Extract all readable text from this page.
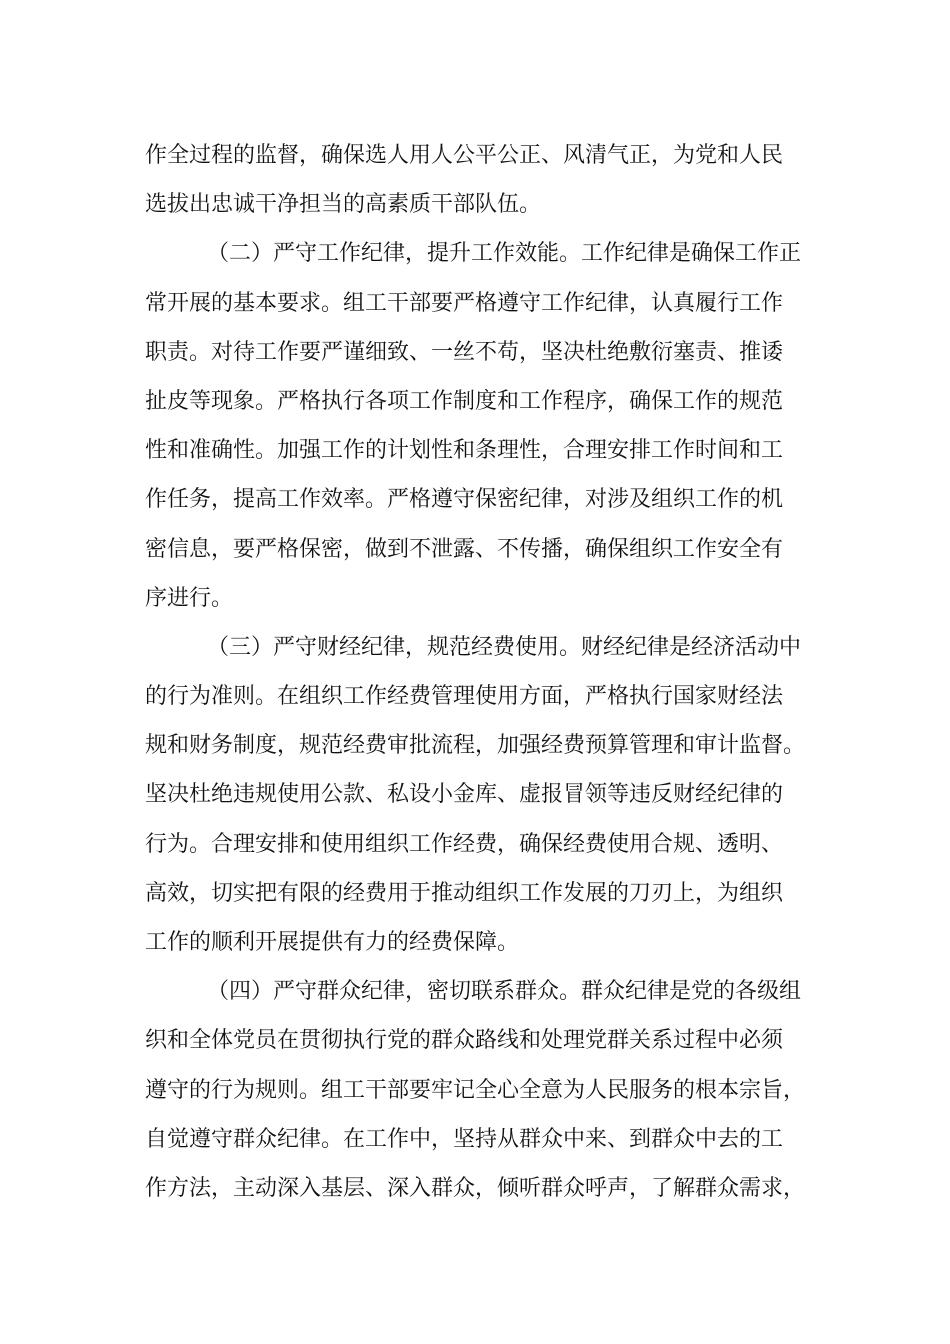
作全过程的监督，确保选人用人公平公正、风清气正，为党和人民
选拔出忠诚干净担当的高素质干部队伍。
（二）严守工作纪律，提升工作效能。工作纪律是确保工作正
常开展的基本要求。组工干部要严格遵守工作纪律，认真履行工作
职责。对待工作要严谨细致、一丝不苟，坚决杜绝敷衍塞责、推诿
扯皮等现象。严格执行各项工作制度和工作程序，确保工作的规范
性和准确性。加强工作的计划性和条理性，合理安排工作时间和工
作任务，提高工作效率。严格遵守保密纪律，对涉及组织工作的机
密信息，要严格保密，做到不泄露、不传播，确保组织工作安全有
序进行。
（三）严守财经纪律，规范经费使用。财经纪律是经济活动中
的行为准则。在组织工作经费管理使用方面，严格执行国家财经法
规和财务制度，规范经费审批流程，加强经费预算管理和审计监督。
坚决杜绝违规使用公款、私设小金库、虚报冒领等违反财经纪律的
行为。合理安排和使用组织工作经费，确保经费使用合规、透明、
高效，切实把有限的经费用于推动组织工作发展的刀刃上，为组织
工作的顺利开展提供有力的经费保障。
（四）严守群众纪律，密切联系群众。群众纪律是党的各级组
织和全体党员在贯彻执行党的群众路线和处理党群关系过程中必须
遵守的行为规则。组工干部要牢记全心全意为人民服务的根本宗旨，
自觉遵守群众纪律。在工作中，坚持从群众中来、到群众中去的工
作方法，主动深入基层、深入群众，倾听群众呼声，了解群众需求，
